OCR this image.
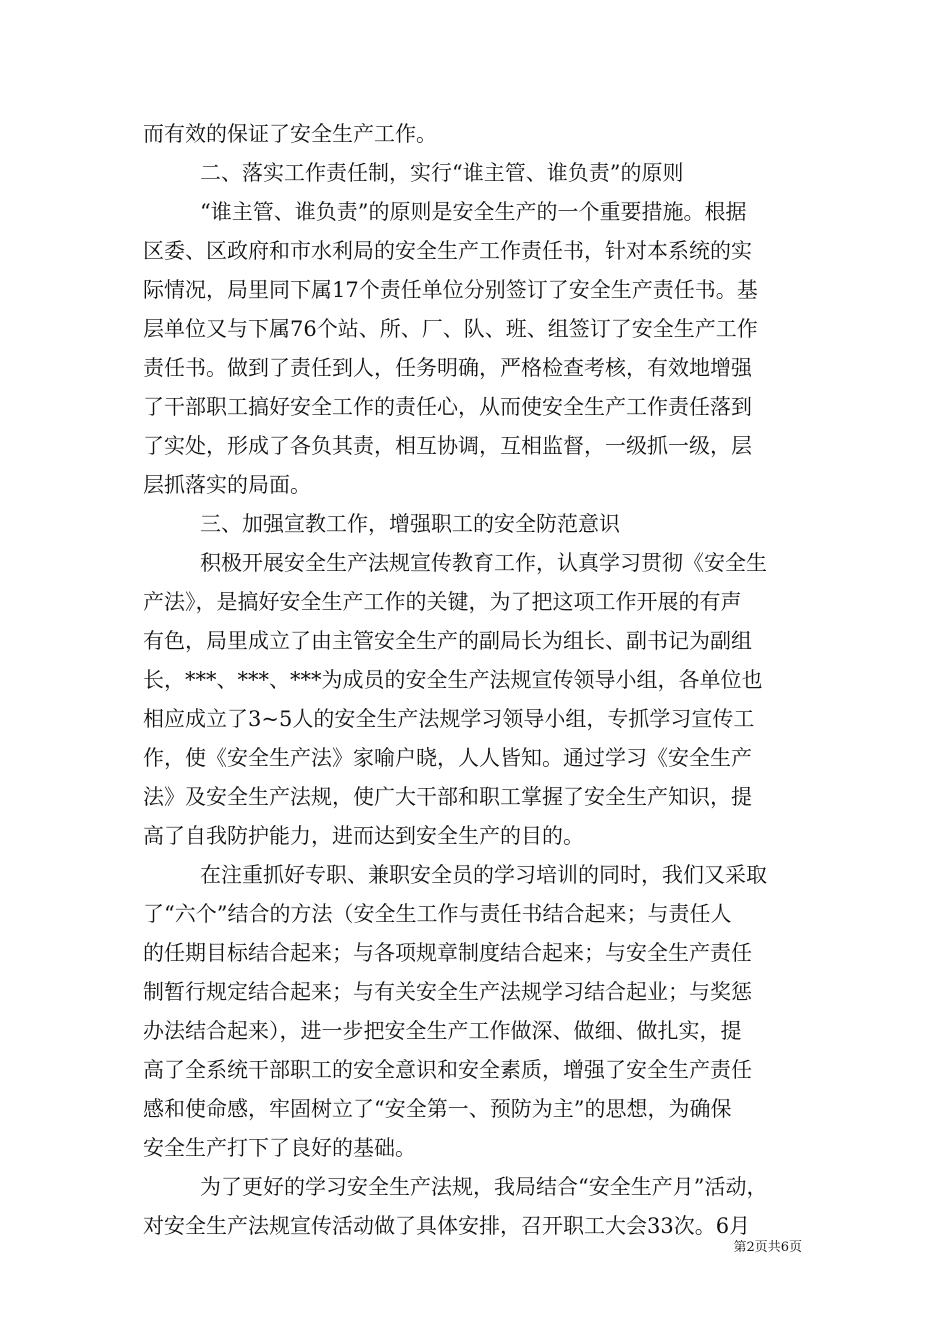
而有效的保证了安全生产工作。
二、落实工作责任制，实行“谁主管、谁负责”的原则
“谁主管、谁负责”的原则是安全生产的一个重要措施。根据
区委、区政府和市水利局的安全生产工作责任书，针对本系统的实
际情况，局里同下属17个责任单位分别签订了安全生产责任书。基
层单位又与下属76个站、所、厂、队、班、组签订了安全生产工作
责任书。做到了责任到人，任务明确，严格检查考核，有效地增强
了干部职工搞好安全工作的责任心，从而使安全生产工作责任落到
了实处，形成了各负其责，相互协调，互相监督，一级抓一级，层
层抓落实的局面。
三、加强宣教工作，增强职工的安全防范意识
积极开展安全生产法规宣传教育工作，认真学习贯彻《安全生
产法》，是搞好安全生产工作的关键，为了把这项工作开展的有声
有色，局里成立了由主管安全生产的副局长为组长、副书记为副组
长，***、***、***为成员的安全生产法规宣传领导小组，各单位也
相应成立了3~5人的安全生产法规学习领导小组，专抓学习宣传工
作，使《安全生产法》家喻户晓，人人皆知。通过学习《安全生产
法》及安全生产法规，使广大干部和职工掌握了安全生产知识，提
高了自我防护能力，进而达到安全生产的目的。
在注重抓好专职、兼职安全员的学习培训的同时，我们又采取
了“六个”结合的方法（安全生工作与责任书结合起来；与责任人
的任期目标结合起来；与各项规章制度结合起来；与安全生产责任
制暂行规定结合起来；与有关安全生产法规学习结合起业；与奖惩
办法结合起来），进一步把安全生产工作做深、做细、做扎实，提
高了全系统干部职工的安全意识和安全素质，增强了安全生产责任
感和使命感，牢固树立了“安全第一、预防为主”的思想，为确保
安全生产打下了良好的基础。
为了更好的学习安全生产法规，我局结合“安全生产月”活动，
对安全生产法规宣传活动做了具体安排，召开职工大会33次。6月
第2页共6页
